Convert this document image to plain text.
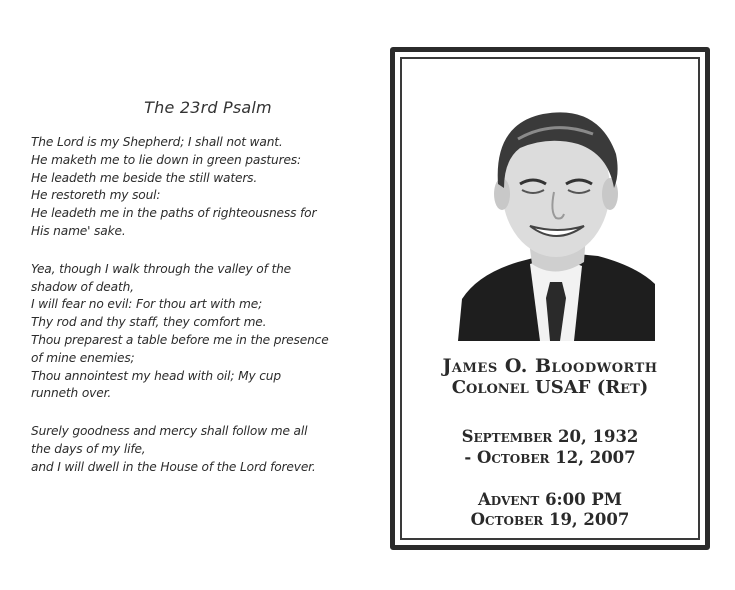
The 23rd Psalm
The Lord is my Shepherd; I shall not want.
He maketh me to lie down in green pastures:
He leadeth me beside the still waters.
He restoreth my soul:
He leadeth me in the paths of righteousness for
His name' sake.
Yea, though I walk through the valley of the
shadow of death,
I will fear no evil: For thou art with me;
Thy rod and thy staff, they comfort me.
Thou preparest a table before me in the presence
of mine enemies;
Thou annointest my head with oil; My cup
runneth over.
Surely goodness and mercy shall follow me all
the days of my life,
and I will dwell in the House of the Lord forever.
James O. Bloodworth
Colonel USAF (Ret)
September 20, 1932
- October 12, 2007
Advent 6:00 PM
October 19, 2007
